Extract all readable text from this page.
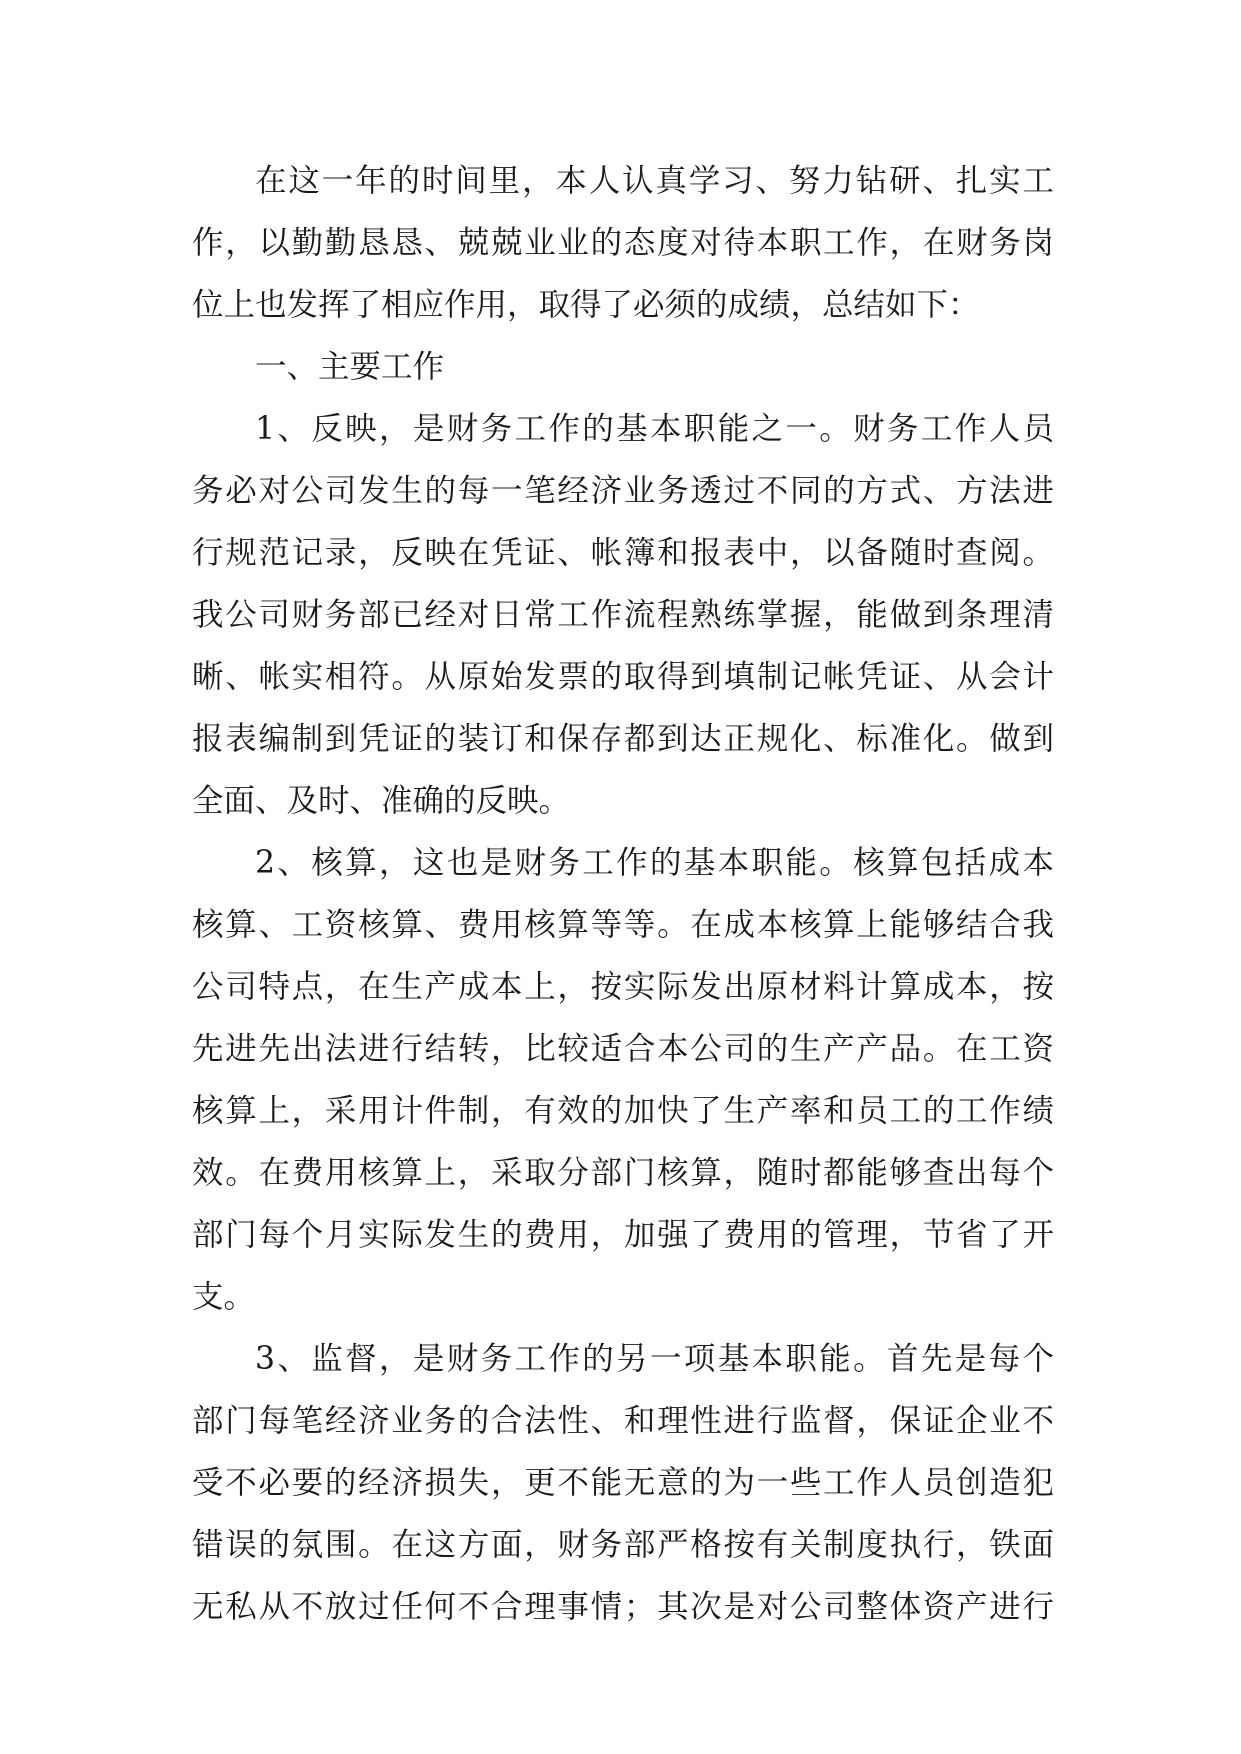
在这一年的时间里，本人认真学习、努力钻研、扎实工
作，以勤勤恳恳、兢兢业业的态度对待本职工作，在财务岗
位上也发挥了相应作用，取得了必须的成绩，总结如下：

一、主要工作

1、反映，是财务工作的基本职能之一。财务工作人员
务必对公司发生的每一笔经济业务透过不同的方式、方法进
行规范记录，反映在凭证、帐簿和报表中，以备随时查阅。
我公司财务部已经对日常工作流程熟练掌握，能做到条理清
晰、帐实相符。从原始发票的取得到填制记帐凭证、从会计
报表编制到凭证的装订和保存都到达正规化、标准化。做到
全面、及时、准确的反映。

2、核算，这也是财务工作的基本职能。核算包括成本
核算、工资核算、费用核算等等。在成本核算上能够结合我
公司特点，在生产成本上，按实际发出原材料计算成本，按
先进先出法进行结转，比较适合本公司的生产产品。在工资
核算上，采用计件制，有效的加快了生产率和员工的工作绩
效。在费用核算上，采取分部门核算，随时都能够查出每个
部门每个月实际发生的费用，加强了费用的管理，节省了开
支。

3、监督，是财务工作的另一项基本职能。首先是每个
部门每笔经济业务的合法性、和理性进行监督，保证企业不
受不必要的经济损失，更不能无意的为一些工作人员创造犯
错误的氛围。在这方面，财务部严格按有关制度执行，铁面
无私从不放过任何不合理事情；其次是对公司整体资产进行
